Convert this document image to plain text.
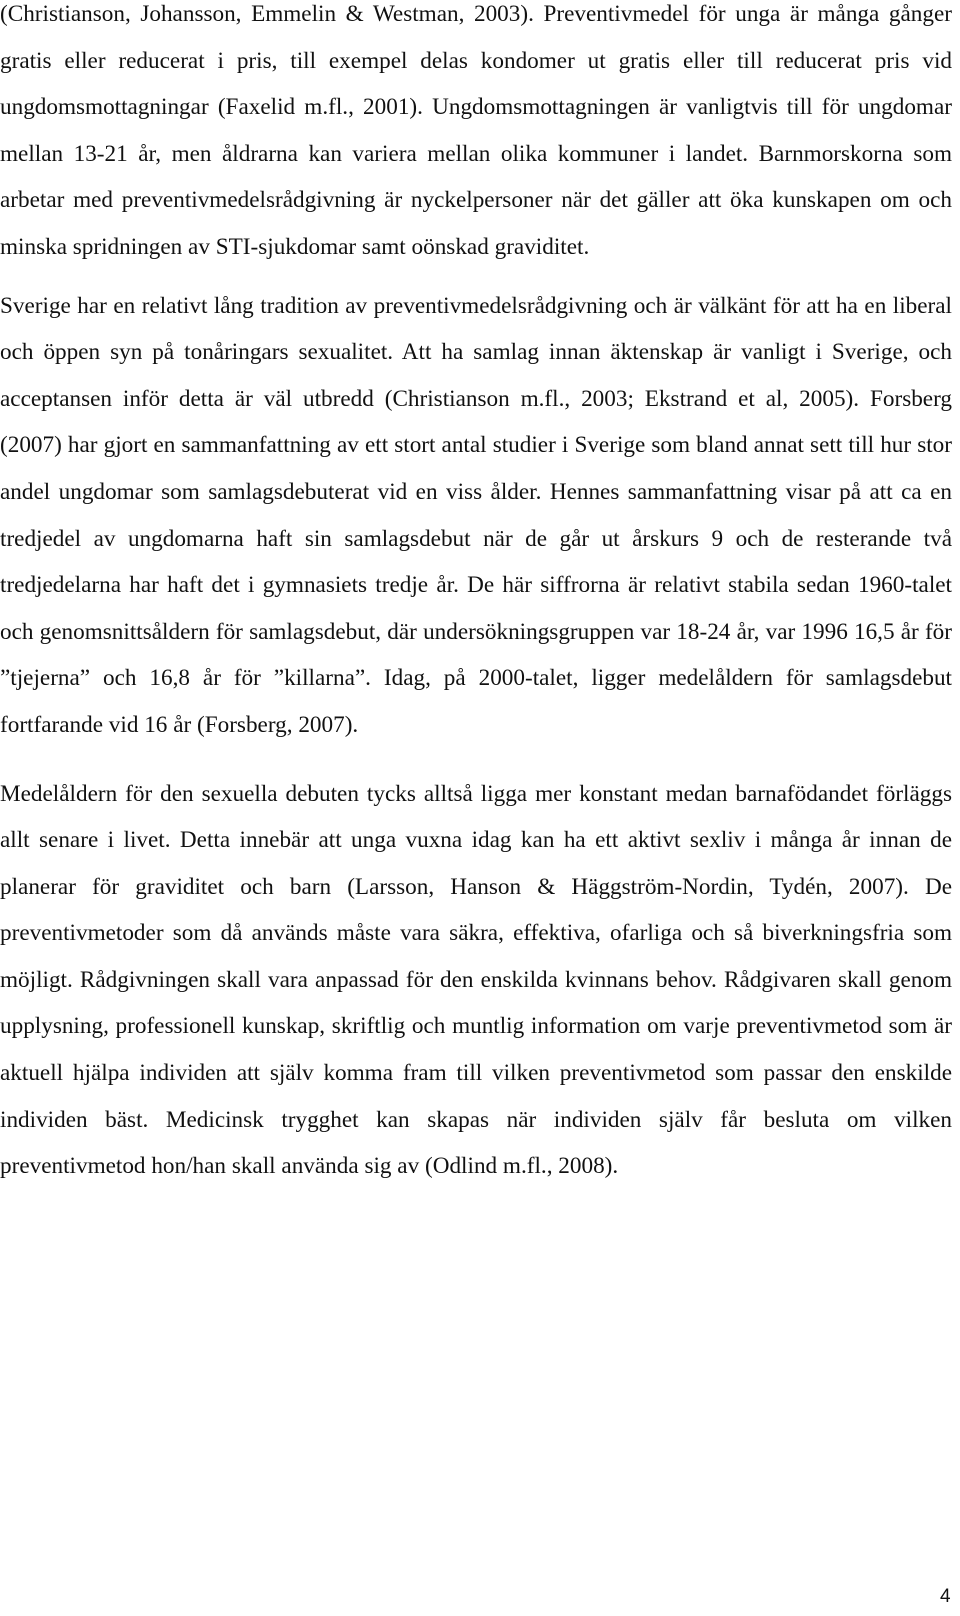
(Christianson, Johansson, Emmelin & Westman, 2003). Preventivmedel för unga är många gånger gratis eller reducerat i pris, till exempel delas kondomer ut gratis eller till reducerat pris vid ungdomsmottagningar (Faxelid m.fl., 2001). Ungdomsmottagningen är vanligtvis till för ungdomar mellan 13-21 år, men åldrarna kan variera mellan olika kommuner i landet. Barnmorskorna som arbetar med preventivmedelsrådgivning är nyckelpersoner när det gäller att öka kunskapen om och minska spridningen av STI-sjukdomar samt oönskad graviditet.

Sverige har en relativt lång tradition av preventivmedelsrådgivning och är välkänt för att ha en liberal och öppen syn på tonåringars sexualitet. Att ha samlag innan äktenskap är vanligt i Sverige, och acceptansen inför detta är väl utbredd (Christianson m.fl., 2003; Ekstrand et al, 2005). Forsberg (2007) har gjort en sammanfattning av ett stort antal studier i Sverige som bland annat sett till hur stor andel ungdomar som samlagsdebuterat vid en viss ålder. Hennes sammanfattning visar på att ca en tredjedel av ungdomarna haft sin samlagsdebut när de går ut årskurs 9 och de resterande två tredjedelarna har haft det i gymnasiets tredje år. De här siffrorna är relativt stabila sedan 1960-talet och genomsnittsåldern för samlagsdebut, där undersökningsgruppen var 18-24 år, var 1996 16,5 år för ”tjejerna” och 16,8 år för ”killarna”. Idag, på 2000-talet, ligger medelåldern för samlagsdebut fortfarande vid 16 år (Forsberg, 2007).

Medelåldern för den sexuella debuten tycks alltså ligga mer konstant medan barnafödandet förläggs allt senare i livet. Detta innebär att unga vuxna idag kan ha ett aktivt sexliv i många år innan de planerar för graviditet och barn (Larsson, Hanson & Häggström-Nordin, Tydén, 2007). De preventivmetoder som då används måste vara säkra, effektiva, ofarliga och så biverkningsfria som möjligt. Rådgivningen skall vara anpassad för den enskilda kvinnans behov. Rådgivaren skall genom upplysning, professionell kunskap, skriftlig och muntlig information om varje preventivmetod som är aktuell hjälpa individen att själv komma fram till vilken preventivmetod som passar den enskilde individen bäst. Medicinsk trygghet kan skapas när individen själv får besluta om vilken preventivmetod hon/han skall använda sig av (Odlind m.fl., 2008).

4
